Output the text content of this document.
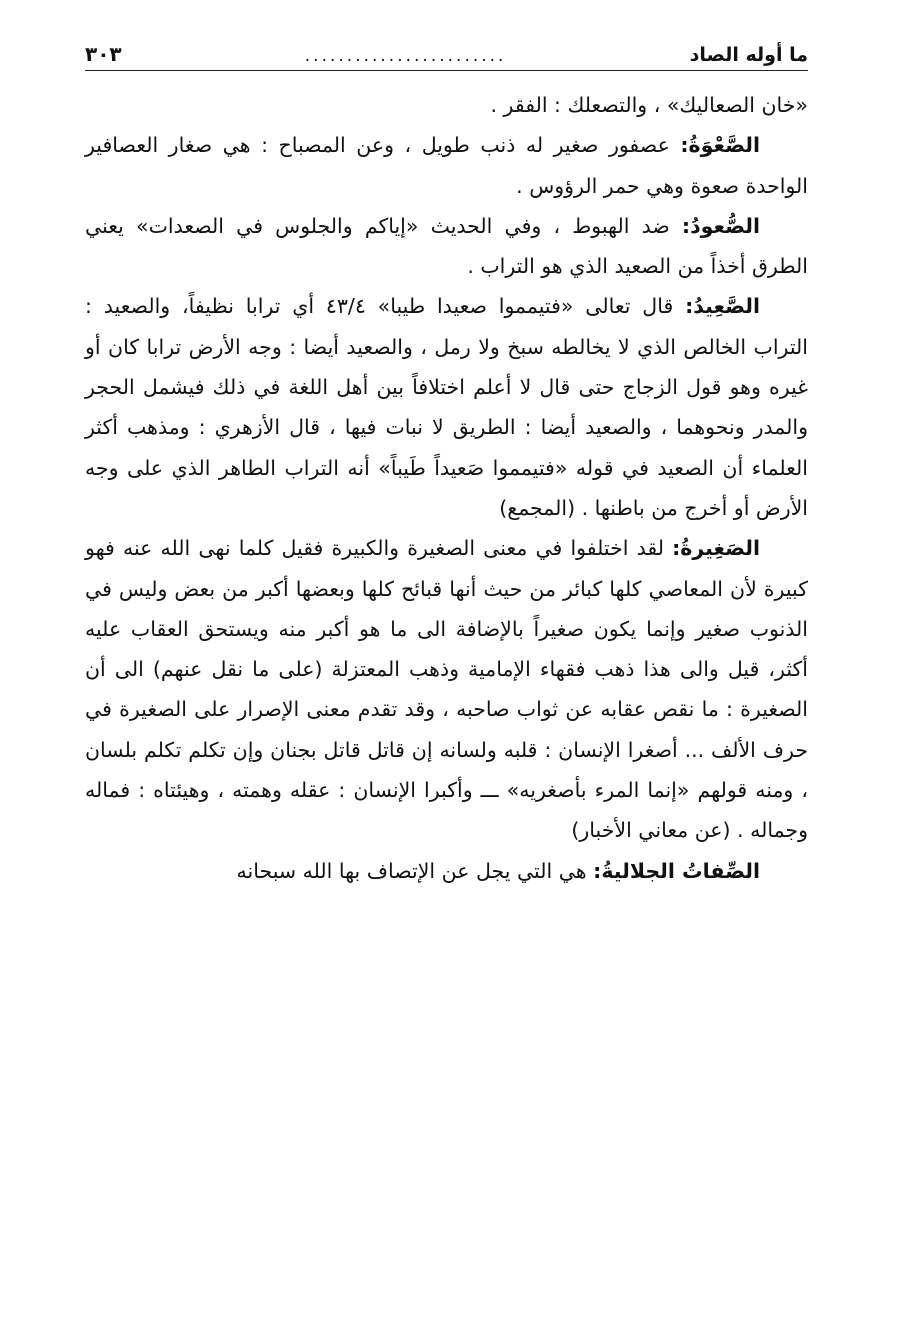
ما أوله الصاد
........................
٣٠٣

«خان الصعاليك» ، والتصعلك : الفقر .

الصَّعْوَةُ: عصفور صغير له ذنب طويل ، وعن المصباح : هي صغار العصافير الواحدة صعوة وهي حمر الرؤوس .

الصُّعودُ: ضد الهبوط ، وفي الحديث «إياكم والجلوس في الصعدات» يعني الطرق أخذاً من الصعيد الذي هو التراب .

الصَّعِيدُ: قال تعالى «فتيمموا صعيدا طيبا» ٤٣/٤ أي ترابا نظيفاً، والصعيد : التراب الخالص الذي لا يخالطه سبخ ولا رمل ، والصعيد أيضا : وجه الأرض ترابا كان أو غيره وهو قول الزجاج حتى قال لا أعلم اختلافاً بين أهل اللغة في ذلك فيشمل الحجر والمدر ونحوهما ، والصعيد أيضا : الطريق لا نبات فيها ، قال الأزهري : ومذهب أكثر العلماء أن الصعيد في قوله «فتيمموا صَعيداً طَيباً» أنه التراب الطاهر الذي على وجه الأرض أو أخرج من باطنها . (المجمع)

الصَغِيرةُ: لقد اختلفوا في معنى الصغيرة والكبيرة فقيل كلما نهى الله عنه فهو كبيرة لأن المعاصي كلها كبائر من حيث أنها قبائح كلها وبعضها أكبر من بعض وليس في الذنوب صغير وإنما يكون صغيراً بالإضافة الى ما هو أكبر منه ويستحق العقاب عليه أكثر، قيل والى هذا ذهب فقهاء الإمامية وذهب المعتزلة (على ما نقل عنهم) الى أن الصغيرة : ما نقص عقابه عن ثواب صاحبه ، وقد تقدم معنى الإصرار على الصغيرة في حرف الألف ... أصغرا الإنسان : قلبه ولسانه إن قاتل قاتل بجنان وإن تكلم تكلم بلسان ، ومنه قولهم «إنما المرء بأصغريه» ـــ وأكبرا الإنسان : عقله وهمته ، وهيئتاه : فماله وجماله . (عن معاني الأخبار)

الصِّفاتُ الجلاليةُ: هي التي يجل عن الإتصاف بها الله سبحانه
